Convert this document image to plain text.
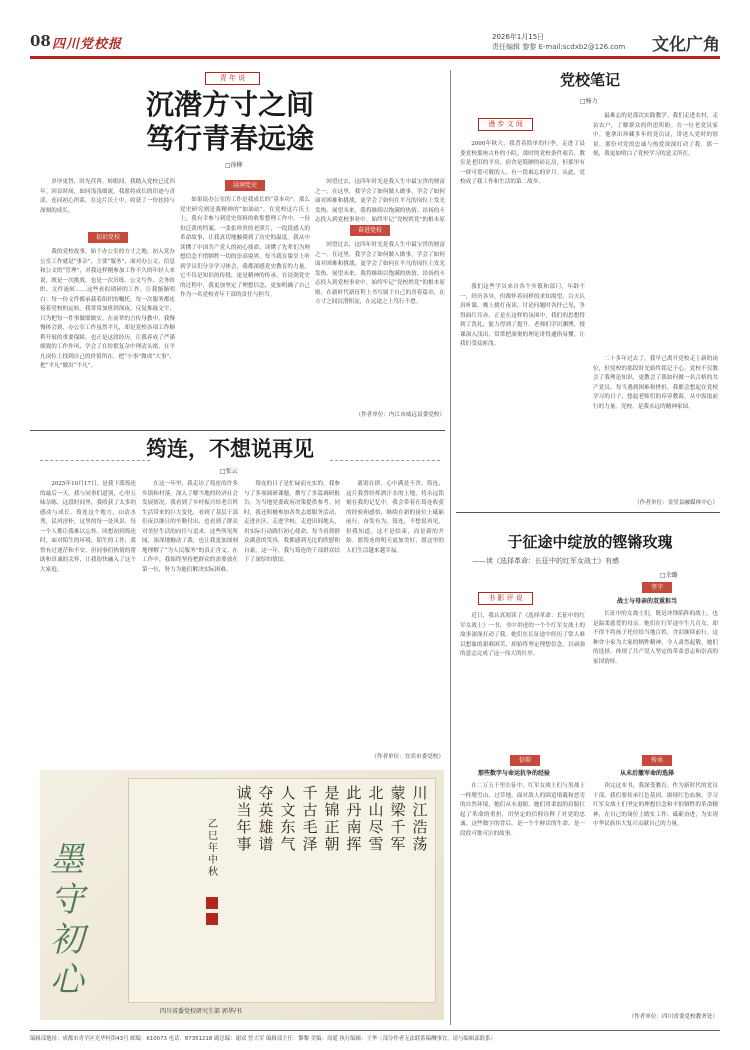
08 四川党校报	2026年1月15日
责任编辑 黎黎 E-mail:scdxb2@126.com 文化广角
青 年 说
沉潜方寸之间
笃行青春远途
□徐柳
岁序更替，时光荏苒。转眼间，我踏入党校已近四年。回首时间，如同浅浅细流，我愿将成长的印迹与青涩，连同初心所系，在这片沃土中，收获了一份扶持与深刻的成长。
初识党校
我的党校故事，始于办公室的方寸之地。初入党办公室工作就是“事杂”，主要“服务”，面对办公文、信息和公文的“管理”，对我这样刚参加工作不久的年轻人来说，既是一次挑战，也是一次历练。公文写作、会务组织、文件流转……这些看似琐碎的工作，让我渐渐明白：每一份文件都承载着组织的嘱托，每一次服务都连接着党校的运转。我常常加班到深夜，反复推敲文字，只为把每一件事做细做实。在前辈的言传身教中，我慢慢体会到，办公室工作虽然平凡，却是党校各项工作顺利开展的重要保障。也正是这段经历，让我养成了严谨细致的工作作风，学会了在纷繁复杂中理清头绪，在平凡岗位上找到自己的价值所在，把“小事”做成“大事”，把“平凡”做出“不凡”。
浸润党史
如果说办公室的工作是我成长的“基本功”，那么党史研究则是我精神的“加油站”。在党校这片沃土上，我有幸参与到党史资料的收集整理工作中。一份份泛黄的档案，一张张珍贵的老照片，一段段感人的革命故事，让我真切地触摸到了历史的温度。我从中读懂了中国共产党人的初心使命，读懂了先辈们为理想信念不惜牺牲一切的崇高境界。每当我在课堂上听到学员们分享学习体会，我都深感党史教育的力量。它不仅是知识的传授，更是精神的传承。在浸润党史的过程中，我更加坚定了理想信念，更加明确了自己作为一名党校青年干部的责任与担当。
奋进党校
回望过去，这四年时光是我人生中最宝贵的财富之一。在这里，我学会了如何做人做事，学会了如何面对困难和挑战，更学会了如何在平凡的岗位上发光发热。展望未来，我将继续以饱满的热情、昂扬的斗志投入到党校事业中，始终牢记“党校姓党”的根本原
回望过去，这四年时光是我人生中最宝贵的财富之一。在这里，我学会了如何做人做事，学会了如何面对困难和挑战，更学会了如何在平凡的岗位上发光发热。展望未来，我将继续以饱满的热情、昂扬的斗志投入到党校事业中，始终牢记“党校姓党”的根本原则，在新时代新征程上书写属于自己的青春篇章，在方寸之间沉潜积淀，在远途之上笃行不怠。
（作者单位：内江市威远县委党校）
筠连，不想说再见
□张云
2025年10月17日，是我下派筠连的最后一天。我与同事们道别，心里五味杂陈。这段时间里，我收获了太多的感动与成长。筠连这个地方，山清水秀，民风淳朴，这里的每一处风景、每一个人都让我难以忘怀。回想初到筠连时，面对陌生的环境，陌生的工作，我曾有过迷茫和不安，但同事们热情的帮助和真诚的关怀，让我很快融入了这个大家庭。
在这一年里，我走访了筠连的许多乡镇和村落，深入了解当地的经济社会发展情况。我看到了乡村振兴给老百姓生活带来的巨大变化，看到了基层干部们夜以继日的辛勤付出，也看到了群众对美好生活的向往与追求。这些所见所闻，深深地触动了我，也让我更加深刻地理解了“为人民服务”的真正含义。在工作中，我始终坚持把群众的需要放在第一位，努力为他们解决实际困难。
筠连的日子是忙碌而充实的。我参与了多项调研课题，撰写了多篇调研报告，为当地党委政府决策提供参考。同时，我还积极参加各类志愿服务活动，走进社区、走进学校、走进田间地头，用实际行动践行初心使命。每当看到群众满意的笑容，我都感到无比的欣慰和自豪。这一年，我与筠连的干部群众结下了深厚的情谊。
离别在即，心中满是不舍。筠连，这片我曾经挥洒汗水的土地，将永远铭刻在我的记忆中。我会带着在筠连收获的经验和感悟，继续在新的岗位上砥砺前行、奋发有为。筠连，不想说再见，但我知道，这不是结束，而是新的开始。愿筠连的明天更加美好，愿这里的人们生活越来越幸福。
（作者单位：宜宾市委党校）
党校笔记
□杨力
漫 步 文 间
2000年秋天，我背着简单的行李，走进了县委党校那座古朴的小院。那时的党校条件艰苦，教室是老旧的平房，宿舍是简陋的砖瓦房，但那里有一群可爱可敬的人，有一段难忘的岁月。从此，党校成了我工作和生活的第二故乡。
我们这些学员来自各个乡镇和部门，年龄不一，经历各异，但都怀着同样的求知渴望。白天认真听课，晚上挑灯夜读，讨论问题时各抒己见，争得面红耳赤。正是在这样的氛围中，我们的思想得到了洗礼，能力得到了提升。老师们学识渊博，授课深入浅出，常常把深奥的理论讲得通俗易懂，让我们受益匪浅。
最难忘的是那次实践教学。我们走进农村，走访农户，了解群众的所思所盼。在一位老党员家中，他拿出珍藏多年的党员证，讲述入党时的情景，那份对党的忠诚与热爱深深打动了我。那一刻，我更加明白了党校学习的意义所在。
二十多年过去了，我早已离开党校走上新的岗位，但党校的那段时光始终铭记于心。党校不仅教会了我理论知识，更教会了我如何做一名合格的共产党员。每当遇到困难和挫折，我都会想起在党校学习的日子，想起老师们的谆谆教诲，从中汲取前行的力量。党校，是我永远的精神家园。
（作者单位：金堂县融媒体中心）
于征途中绽放的铿锵玫瑰
——读《选择革命：长征中的红军女战士》有感
□余璐
书 影 评 说
近日，我认真阅读了《选择革命：长征中的红军女战士》一书，书中讲述的一个个红军女战士的故事深深打动了我。她们在长征途中经历了常人难以想象的艰难困苦，却始终坚定理想信念，以顽强的意志完成了这一伟大的壮举。
信仰
那些数字与命运抗争的经验
在二万五千里长征中，红军女战士们与男战士一样爬雪山、过草地，面对敌人的围追堵截和恶劣的自然环境，她们从未退缩。她们用柔弱的肩膀扛起了革命的重担，用坚定的信仰诠释了对党的忠诚。这些数字的背后，是一个个鲜活的生命，是一段段可歌可泣的故事。
坚守
战士与母亲的双重担当
长征中的女战士们，既是冲锋陷阵的战士，也是温柔慈爱的母亲。她们在行军途中生儿育女，却不得不将孩子托付给当地百姓，含泪继续前行。这种舍小家为大家的牺牲精神，令人肃然起敬。她们的选择，体现了共产党人坚定的革命意志和崇高的家国情怀。
传承
从未后撤军命的选择
读完这本书，我深受教育。作为新时代的党员干部，我们要传承红色基因，赓续红色血脉，学习红军女战士们坚定的理想信念和不怕牺牲的革命精神，在自己的岗位上踏实工作、砥砺奋进，为实现中华民族伟大复兴贡献自己的力量。
（作者单位：四川省委党校教务处）
墨守初心
川江浩荡
蒙梁千军
北山尽雪
此丹南挥
是锦正朝
千古毛泽
人文东气
夺英雄谱
诚当年事
乙巳年中秋
四川省委党校研究生部 郭华/书
编辑部地址：成都市青羊区光华村街43号 邮编：610073 电话：87351218 副总编：谢双 曾大军 编辑部主任：黎黎 美编：周遥 执行编辑：王华（部分作者无法联系稿酬事宜，请与编辑部联系）
